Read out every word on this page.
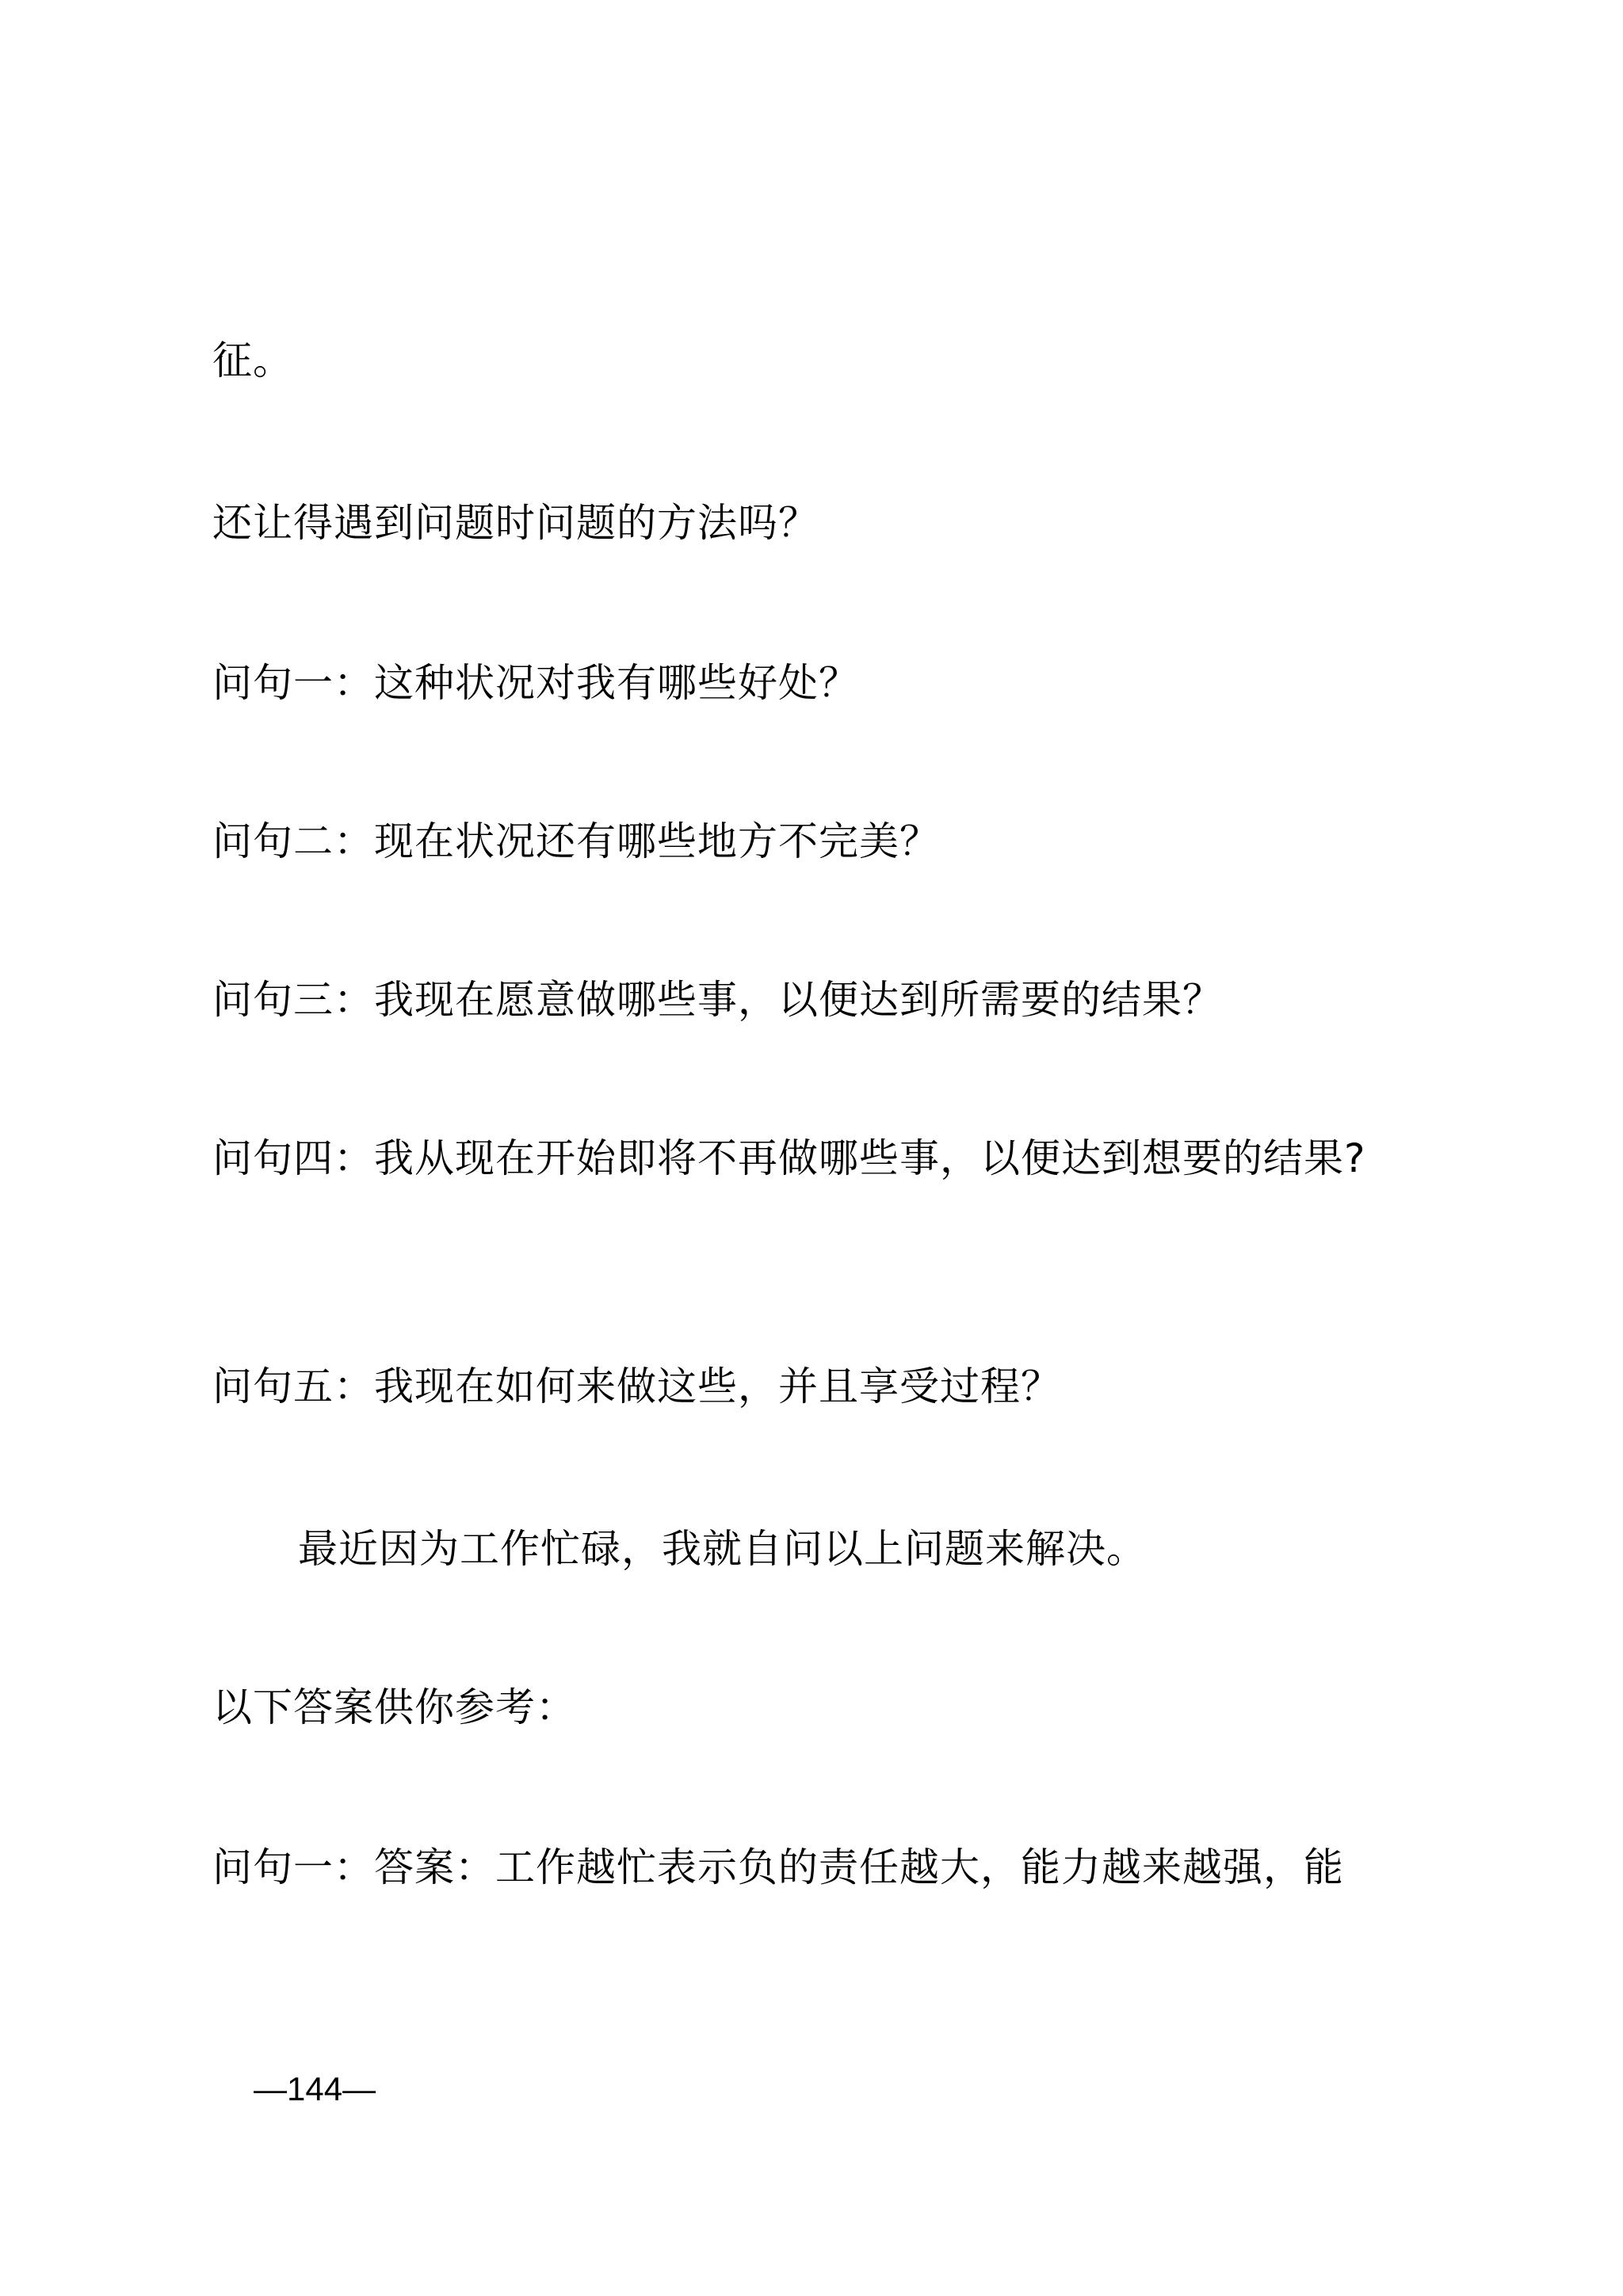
征。
还让得遇到问题时问题的方法吗？
问句一：这种状况对我有哪些好处？
问句二：现在状况还有哪些地方不完美？
问句三：我现在愿意做哪些事，以便达到所需要的结果？
问句四：我从现在开始即将不再做哪些事，以便达到想要的结果?
问句五：我现在如何来做这些，并且享受过程？
最近因为工作忙碌，我就自问以上问题来解决。
以下答案供你参考：
问句一：答案：工作越忙表示负的责任越大，能力越来越强，能
—144—
